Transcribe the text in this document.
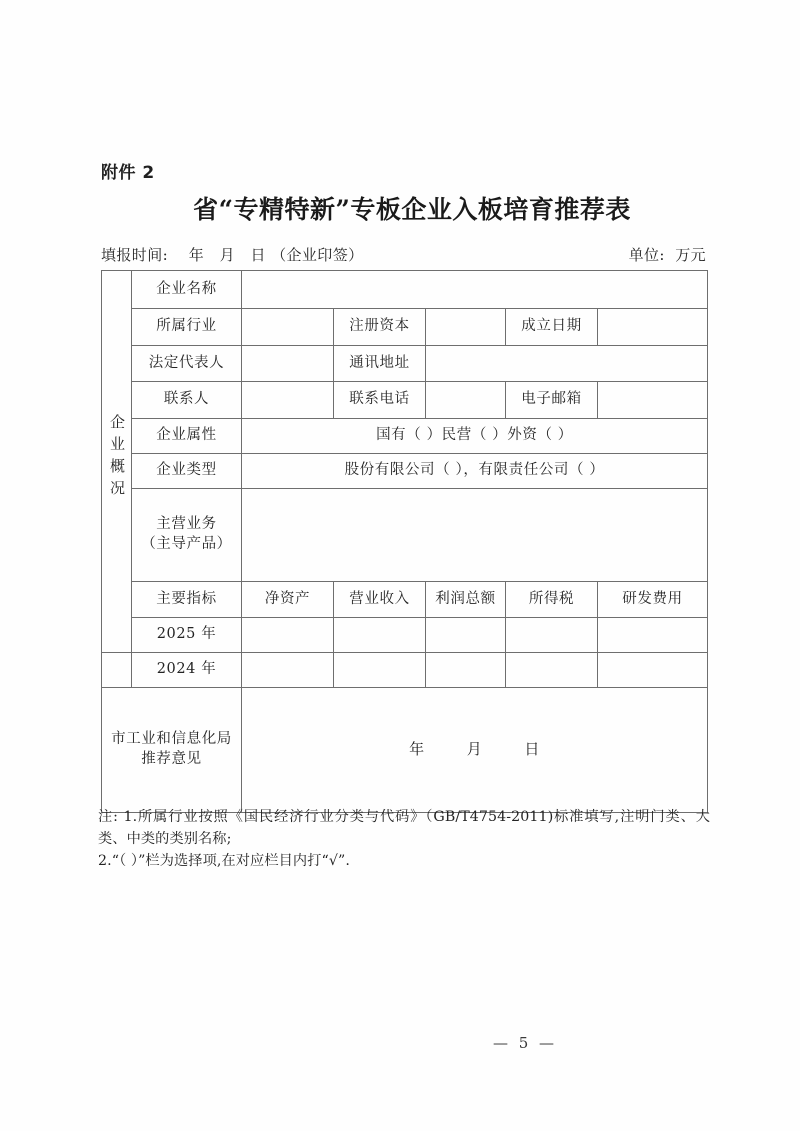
附件 2
省“专精特新”专板企业入板培育推荐表
填报时间:    年   月   日 （企业印签）	单位:  万元
企业概况	企业名称					
	所属行业		注册资本		成立日期	
	法定代表人		通讯地址			
	联系人		联系电话		电子邮箱	
	企业属性	国有（ ）民营（ ）外资（ ）				
	企业类型	股份有限公司（ ），有限责任公司（ ）				

	主营业务
（主导产品）					

	主要指标	净资产	营业收入	利润总额	所得税	研发费用
	2025 年					
	2024 年					

市工业和信息化局
推荐意见		年        月        日				

注: 1.所属行业按照《国民经济行业分类与代码》（GB/T4754-2011)标准填写,注明门类、大类、中类的类别名称;

2.“（ ）”栏为选择项,在对应栏目内打“√”.

— 5 —
